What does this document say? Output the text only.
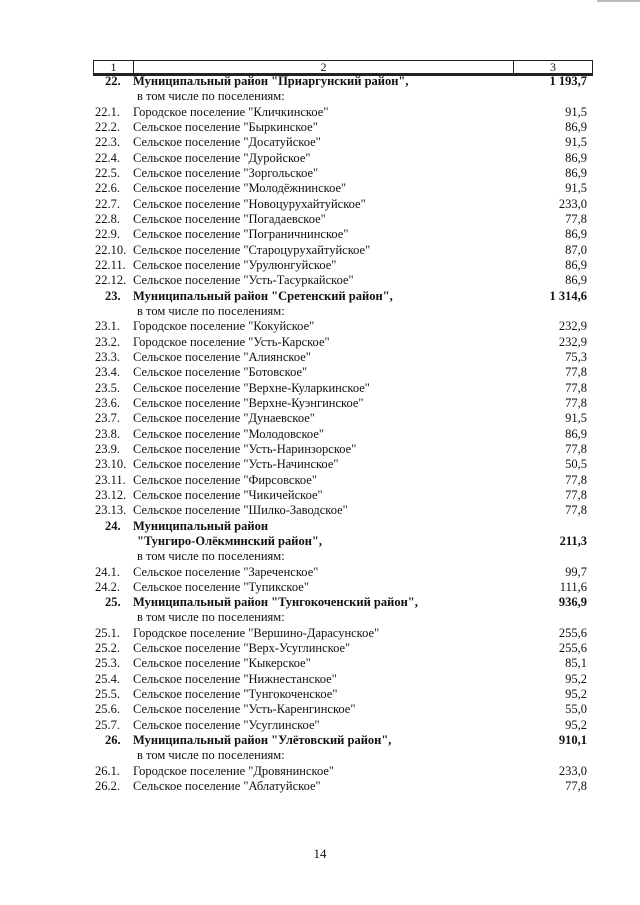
1	2	3
22. Муниципальный район "Приаргунский район",	1 193,7
в том числе по поселениям:
22.1. Городское поселение "Кличкинское"	91,5
22.2. Сельское поселение "Быркинское"	86,9
22.3. Сельское поселение "Досатуйское"	91,5
22.4. Сельское поселение "Дуройское"	86,9
22.5. Сельское поселение "Зоргольское"	86,9
22.6. Сельское поселение "Молодёжнинское"	91,5
22.7. Сельское поселение "Новоцурухайтуйское"	233,0
22.8. Сельское поселение "Погадаевское"	77,8
22.9. Сельское поселение "Пограничнинское"	86,9
22.10. Сельское поселение "Староцурухайтуйское"	87,0
22.11. Сельское поселение "Урулюнгуйское"	86,9
22.12. Сельское поселение "Усть-Тасуркайское"	86,9
23. Муниципальный район "Сретенский район",	1 314,6
в том числе по поселениям:
23.1. Городское поселение "Кокуйское"	232,9
23.2. Городское поселение "Усть-Карское"	232,9
23.3. Сельское поселение "Алиянское"	75,3
23.4. Сельское поселение "Ботовское"	77,8
23.5. Сельское поселение "Верхне-Куларкинское"	77,8
23.6. Сельское поселение "Верхне-Куэнгинское"	77,8
23.7. Сельское поселение "Дунаевское"	91,5
23.8. Сельское поселение "Молодовское"	86,9
23.9. Сельское поселение "Усть-Наринзорское"	77,8
23.10. Сельское поселение "Усть-Начинское"	50,5
23.11. Сельское поселение "Фирсовское"	77,8
23.12. Сельское поселение "Чикичейское"	77,8
23.13. Сельское поселение "Шилко-Заводское"	77,8
24. Муниципальный район
"Тунгиро-Олёкминский район",	211,3
в том числе по поселениям:
24.1. Сельское поселение "Зареченское"	99,7
24.2. Сельское поселение "Тупикское"	111,6
25. Муниципальный район "Тунгокоченский район",	936,9
в том числе по поселениям:
25.1. Городское поселение "Вершино-Дарасунское"	255,6
25.2. Сельское поселение "Верх-Усуглинское"	255,6
25.3. Сельское поселение "Кыкерское"	85,1
25.4. Сельское поселение "Нижнестанское"	95,2
25.5. Сельское поселение "Тунгокоченское"	95,2
25.6. Сельское поселение "Усть-Каренгинское"	55,0
25.7. Сельское поселение "Усуглинское"	95,2
26. Муниципальный район "Улётовский район",	910,1
в том числе по поселениям:
26.1. Городское поселение "Дровянинское"	233,0
26.2. Сельское поселение "Аблатуйское"	77,8
14
